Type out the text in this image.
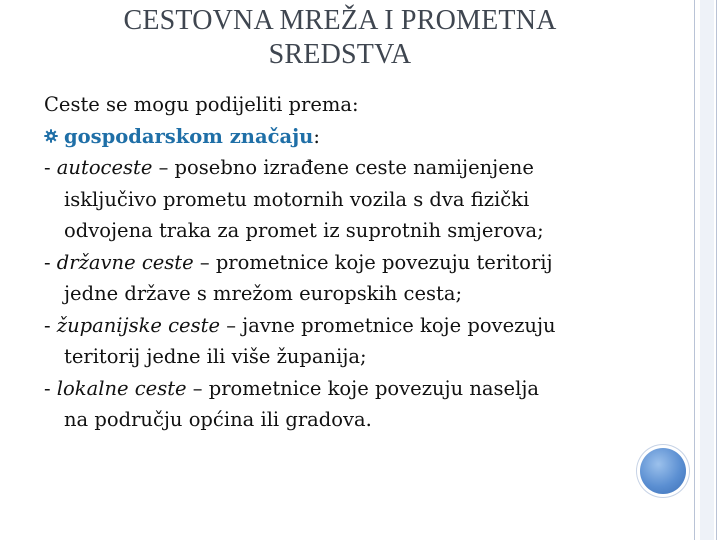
CESTOVNA MREŽA I PROMETNA
SREDSTVA
Ceste se mogu podijeliti prema:
gospodarskom značaju :
- autoceste – posebno izrađene ceste namijenjene
isključivo prometu motornih vozila s dva fizički
odvojena traka za promet iz suprotnih smjerova;
- državne ceste – prometnice koje povezuju teritorij
jedne države s mrežom europskih cesta;
- županijske ceste – javne prometnice koje povezuju
teritorij jedne ili više županija;
- lokalne ceste – prometnice koje povezuju naselja
na području općina ili gradova.
